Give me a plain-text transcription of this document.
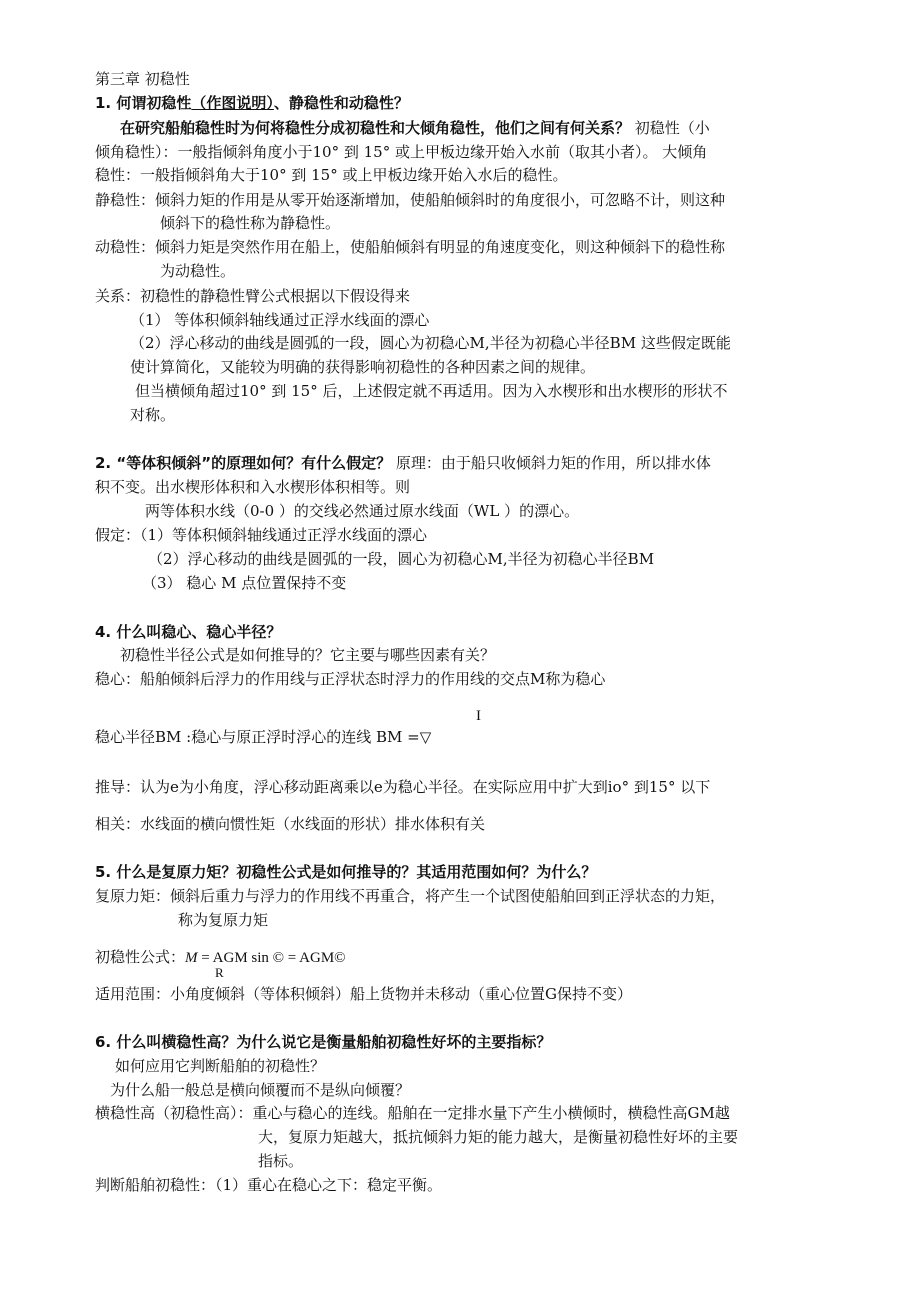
第三章 初稳性
1. 何谓初稳性（作图说明）、静稳性和动稳性？
在研究船舶稳性时为何将稳性分成初稳性和大倾角稳性，他们之间有何关系？ 初稳性（小
倾角稳性）：一般指倾斜角度小于10° 到 15° 或上甲板边缘开始入水前（取其小者）。 大倾角
稳性：一般指倾斜角大于10° 到 15° 或上甲板边缘开始入水后的稳性。
静稳性：倾斜力矩的作用是从零开始逐渐增加，使船舶倾斜时的角度很小，可忽略不计，则这种
倾斜下的稳性称为静稳性。
动稳性：倾斜力矩是突然作用在船上，使船舶倾斜有明显的角速度变化，则这种倾斜下的稳性称
为动稳性。
关系：初稳性的静稳性臂公式根据以下假设得来
（1） 等体积倾斜轴线通过正浮水线面的漂心
（2）浮心移动的曲线是圆弧的一段，圆心为初稳心M,半径为初稳心半径BM 这些假定既能
使计算简化，又能较为明确的获得影响初稳性的各种因素之间的规律。
但当横倾角超过10° 到 15° 后，上述假定就不再适用。因为入水楔形和出水楔形的形状不
对称。
2. “等体积倾斜”的原理如何？有什么假定？ 原理：由于船只收倾斜力矩的作用，所以排水体
积不变。出水楔形体积和入水楔形体积相等。则
两等体积水线（0-0 ）的交线必然通过原水线面（WL ）的漂心。
假定：（1）等体积倾斜轴线通过正浮水线面的漂心
（2）浮心移动的曲线是圆弧的一段，圆心为初稳心M,半径为初稳心半径BM
（3） 稳心 M 点位置保持不变
4. 什么叫稳心、稳心半径？
初稳性半径公式是如何推导的？它主要与哪些因素有关？
稳心：船舶倾斜后浮力的作用线与正浮状态时浮力的作用线的交点M称为稳心
I
稳心半径BM :稳心与原正浮时浮心的连线 BM =▽
推导：认为e为小角度，浮心移动距离乘以e为稳心半径。在实际应用中扩大到io° 到15° 以下
相关：水线面的横向惯性矩（水线面的形状）排水体积有关
5. 什么是复原力矩？初稳性公式是如何推导的？其适用范围如何？为什么？
复原力矩：倾斜后重力与浮力的作用线不再重合，将产生一个试图使船舶回到正浮状态的力矩，
称为复原力矩
初稳性公式：M = AGM sin © = AGM©
R
适用范围：小角度倾斜（等体积倾斜）船上货物并未移动（重心位置G保持不变）
6. 什么叫横稳性高？为什么说它是衡量船舶初稳性好坏的主要指标？
如何应用它判断船舶的初稳性？
为什么船一般总是横向倾覆而不是纵向倾覆？
横稳性高（初稳性高）：重心与稳心的连线。船舶在一定排水量下产生小横倾时，横稳性高GM越
大，复原力矩越大，抵抗倾斜力矩的能力越大，是衡量初稳性好坏的主要
指标。
判断船舶初稳性：（1）重心在稳心之下：稳定平衡。
